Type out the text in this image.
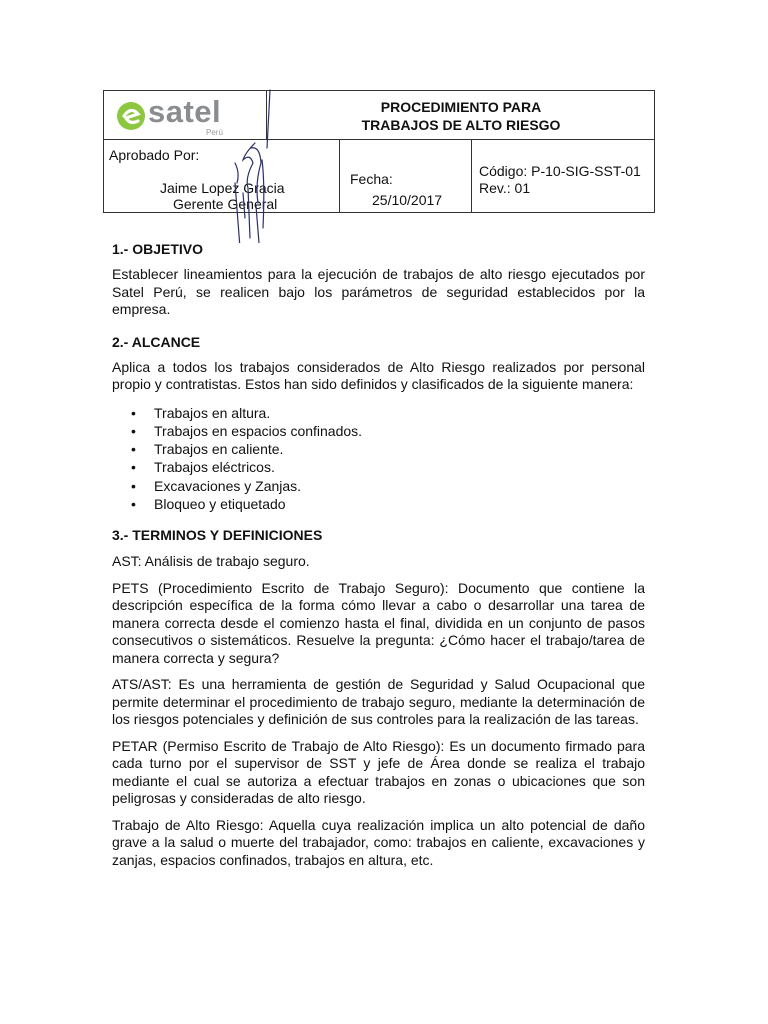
satel
Perú
PROCEDIMIENTO PARA
TRABAJOS DE ALTO RIESGO
Aprobado Por:
Jaime Lopez Gracia
Gerente General
Fecha:
25/10/2017
Código: P-10-SIG-SST-01
Rev.: 01
1.- OBJETIVO

Establecer lineamientos para la ejecución de trabajos de alto riesgo ejecutados por Satel Perú, se realicen bajo los parámetros de seguridad establecidos por la empresa.

2.- ALCANCE

Aplica a todos los trabajos considerados de Alto Riesgo realizados por personal propio y contratistas. Estos han sido definidos y clasificados de la siguiente manera:

• Trabajos en altura.
• Trabajos en espacios confinados.
• Trabajos en caliente.
• Trabajos eléctricos.
• Excavaciones y Zanjas.
• Bloqueo y etiquetado
3.- TERMINOS Y DEFINICIONES

AST: Análisis de trabajo seguro.

PETS (Procedimiento Escrito de Trabajo Seguro): Documento que contiene la descripción específica de la forma cómo llevar a cabo o desarrollar una tarea de manera correcta desde el comienzo hasta el final, dividida en un conjunto de pasos consecutivos o sistemáticos. Resuelve la pregunta: ¿Cómo hacer el trabajo/tarea de manera correcta y segura?

ATS/AST: Es una herramienta de gestión de Seguridad y Salud Ocupacional que permite determinar el procedimiento de trabajo seguro, mediante la determinación de los riesgos potenciales y definición de sus controles para la realización de las tareas.

PETAR (Permiso Escrito de Trabajo de Alto Riesgo): Es un documento firmado para cada turno por el supervisor de SST y jefe de Área donde se realiza el trabajo mediante el cual se autoriza a efectuar trabajos en zonas o ubicaciones que son peligrosas y consideradas de alto riesgo.

Trabajo de Alto Riesgo: Aquella cuya realización implica un alto potencial de daño grave a la salud o muerte del trabajador, como: trabajos en caliente, excavaciones y zanjas, espacios confinados, trabajos en altura, etc.
